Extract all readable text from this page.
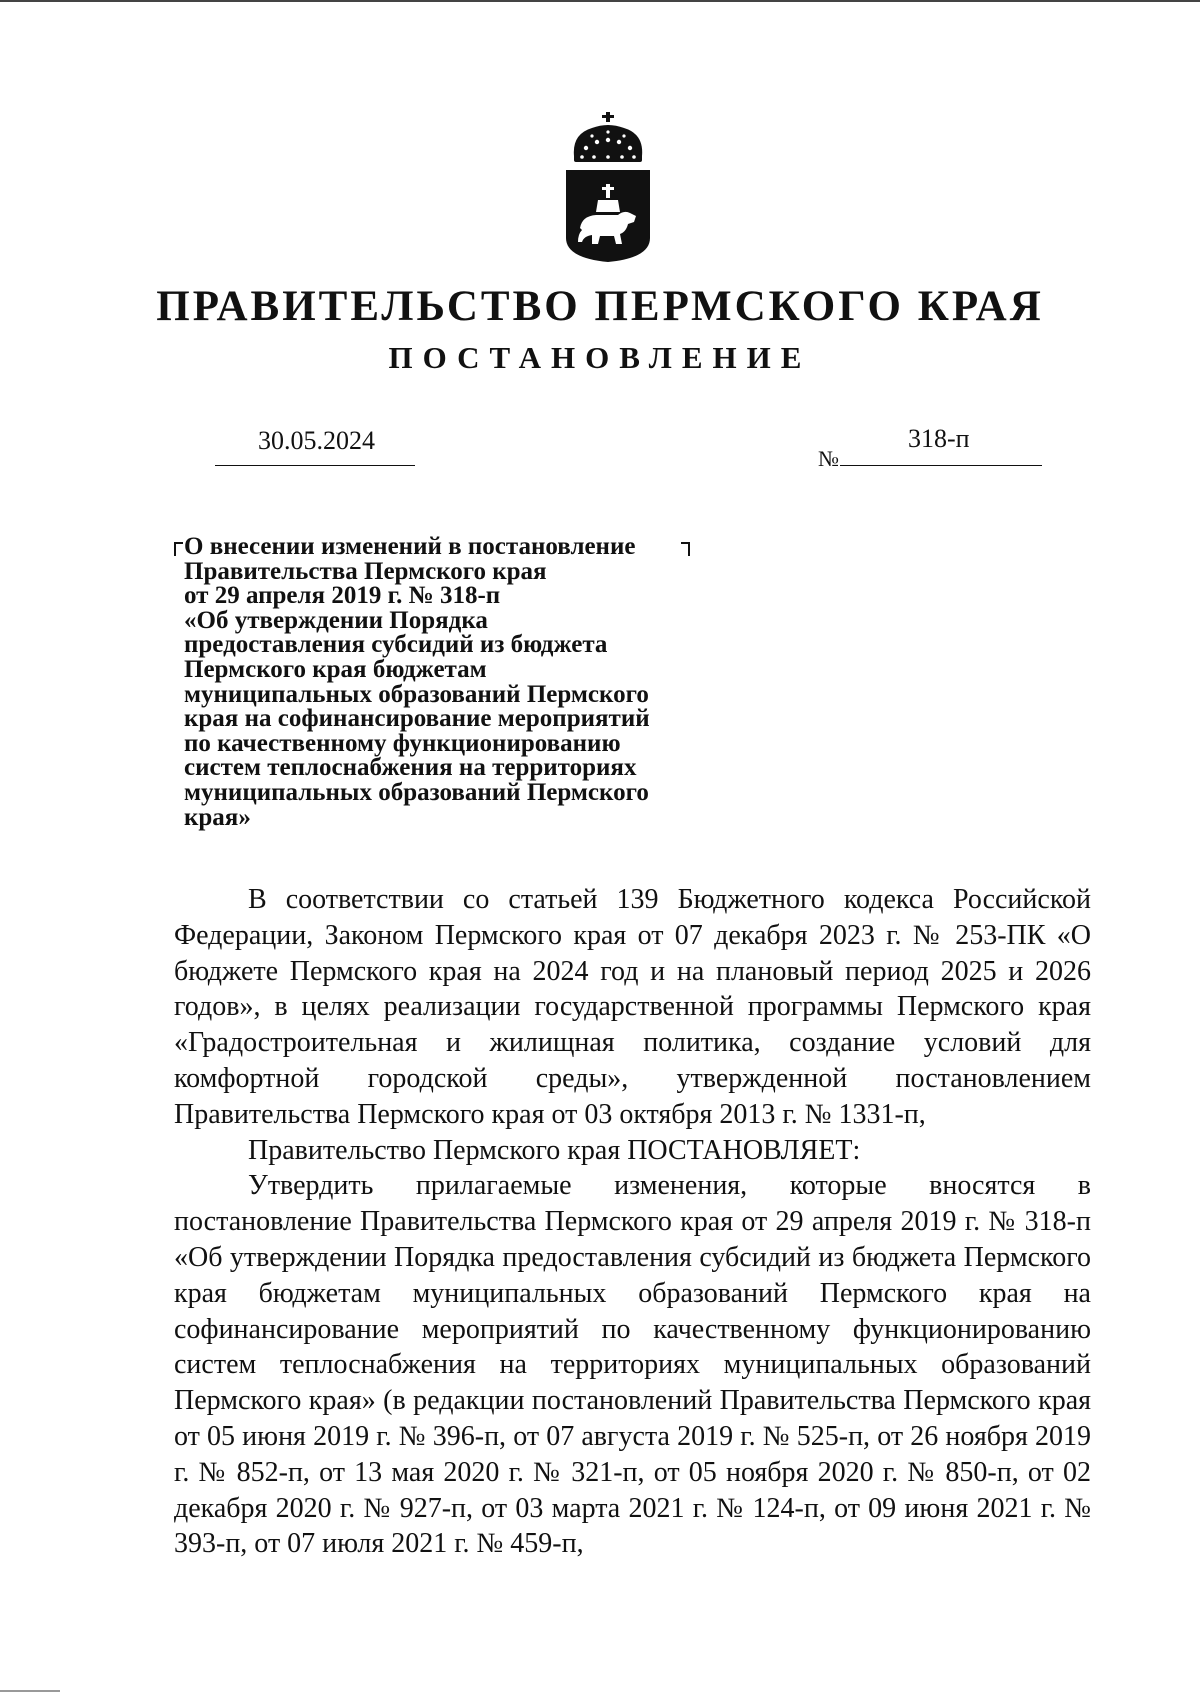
ПРАВИТЕЛЬСТВО ПЕРМСКОГО КРАЯ
ПОСТАНОВЛЕНИЕ
30.05.2024
№
318-п
О внесении изменений в постановление
Правительства Пермского края
от 29 апреля 2019 г. № 318-п
«Об утверждении Порядка
предоставления субсидий из бюджета
Пермского края бюджетам
муниципальных образований Пермского
края на софинансирование мероприятий
по качественному функционированию
систем теплоснабжения на территориях
муниципальных образований Пермского
края»

В соответствии со статьей 139 Бюджетного кодекса Российской Федерации, Законом Пермского края от 07 декабря 2023 г. № 253-ПК «О бюджете Пермского края на 2024 год и на плановый период 2025 и 2026 годов», в целях реализации государственной программы Пермского края «Градостроительная и жилищная политика, создание условий для комфортной городской среды», утвержденной постановлением Правительства Пермского края от 03 октября 2013 г. № 1331-п,

Правительство Пермского края ПОСТАНОВЛЯЕТ:

Утвердить прилагаемые изменения, которые вносятся в постановление Правительства Пермского края от 29 апреля 2019 г. № 318-п «Об утверждении Порядка предоставления субсидий из бюджета Пермского края бюджетам муниципальных образований Пермского края на софинансирование мероприятий по качественному функционированию систем теплоснабжения на территориях муниципальных образований Пермского края» (в редакции постановлений Правительства Пермского края от 05 июня 2019 г. № 396-п, от 07 августа 2019 г. № 525-п, от 26 ноября 2019 г. № 852-п, от 13 мая 2020 г. № 321-п, от 05 ноября 2020 г. № 850-п, от 02 декабря 2020 г. № 927-п, от 03 марта 2021 г. № 124-п, от 09 июня 2021 г. № 393-п, от 07 июля 2021 г. № 459-п,
